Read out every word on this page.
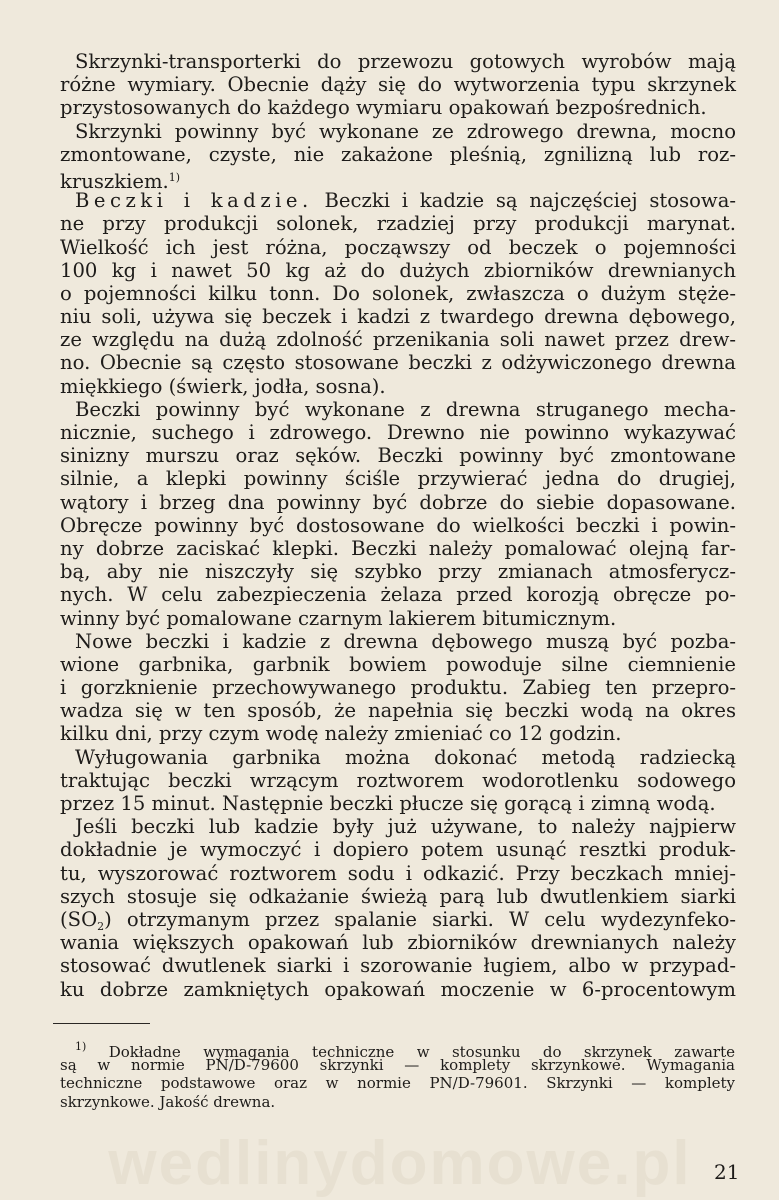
Skrzynki-transporterki do przewozu gotowych wyrobów mają
różne wymiary. Obecnie dąży się do wytworzenia typu skrzynek
przystosowanych do każdego wymiaru opakowań bezpośrednich.
Skrzynki powinny być wykonane ze zdrowego drewna, mocno
zmontowane, czyste, nie zakażone pleśnią, zgnilizną lub roz-
kruszkiem.$^{1)}$
Beczki i kadzie. Beczki i kadzie są najczęściej stosowa-
ne przy produkcji solonek, rzadziej przy produkcji marynat.
Wielkość ich jest różna, począwszy od beczek o pojemności
100 kg i nawet 50 kg aż do dużych zbiorników drewnianych
o pojemności kilku tonn. Do solonek, zwłaszcza o dużym stęże-
niu soli, używa się beczek i kadzi z twardego drewna dębowego,
ze względu na dużą zdolność przenikania soli nawet przez drew-
no. Obecnie są często stosowane beczki z odżywiczonego drewna
miękkiego (świerk, jodła, sosna).
Beczki powinny być wykonane z drewna struganego mecha-
nicznie, suchego i zdrowego. Drewno nie powinno wykazywać
sinizny murszu oraz sęków. Beczki powinny być zmontowane
silnie, a klepki powinny ściśle przywierać jedna do drugiej,
wątory i brzeg dna powinny być dobrze do siebie dopasowane.
Obręcze powinny być dostosowane do wielkości beczki i powin-
ny dobrze zaciskać klepki. Beczki należy pomalować olejną far-
bą, aby nie niszczyły się szybko przy zmianach atmosferycz-
nych. W celu zabezpieczenia żelaza przed korozją obręcze po-
winny być pomalowane czarnym lakierem bitumicznym.
Nowe beczki i kadzie z drewna dębowego muszą być pozba-
wione garbnika, garbnik bowiem powoduje silne ciemnienie
i gorzknienie przechowywanego produktu. Zabieg ten przepro-
wadza się w ten sposób, że napełnia się beczki wodą na okres
kilku dni, przy czym wodę należy zmieniać co 12 godzin.
Wyługowania garbnika można dokonać metodą radziecką
traktując beczki wrzącym roztworem wodorotlenku sodowego
przez 15 minut. Następnie beczki płucze się gorącą i zimną wodą.
Jeśli beczki lub kadzie były już używane, to należy najpierw
dokładnie je wymoczyć i dopiero potem usunąć resztki produk-
tu, wyszorować roztworem sodu i odkazić. Przy beczkach mniej-
szych stosuje się odkażanie świeżą parą lub dwutlenkiem siarki
$(SO_2)$ otrzymanym przez spalanie siarki. W celu wydezynfeko-
wania większych opakowań lub zbiorników drewnianych należy
stosować dwutlenek siarki i szorowanie ługiem, albo w przypad-
ku dobrze zamkniętych opakowań moczenie w 6-procentowym
$^{1)}$ Dokładne wymagania techniczne w stosunku do skrzynek zawarte
są w normie PN/D-79600 skrzynki — komplety skrzynkowe. Wymagania
techniczne podstawowe oraz w normie PN/D-79601. Skrzynki — komplety
skrzynkowe. Jakość drewna.
wedlinydomowe.pl	21
